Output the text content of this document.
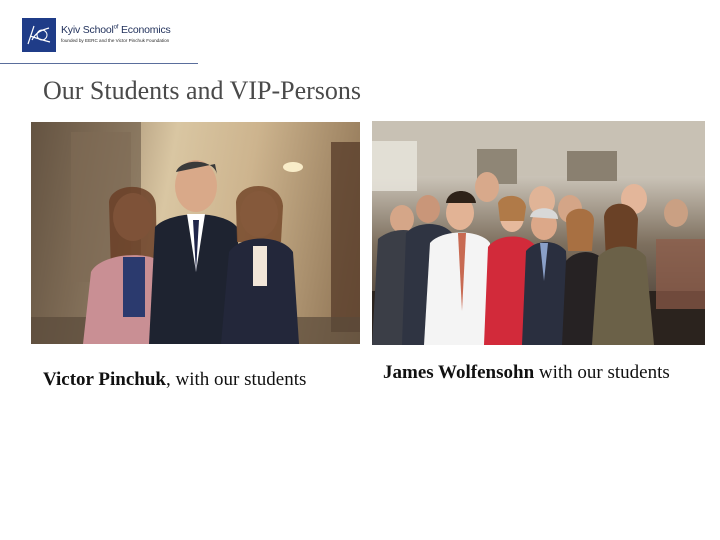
Kyiv School$^{of}$ Economics
founded by EERC and the Victor Pinchuk Foundation
Our Students and VIP-Persons
Victor Pinchuk, with our students	James Wolfensohn with our students
